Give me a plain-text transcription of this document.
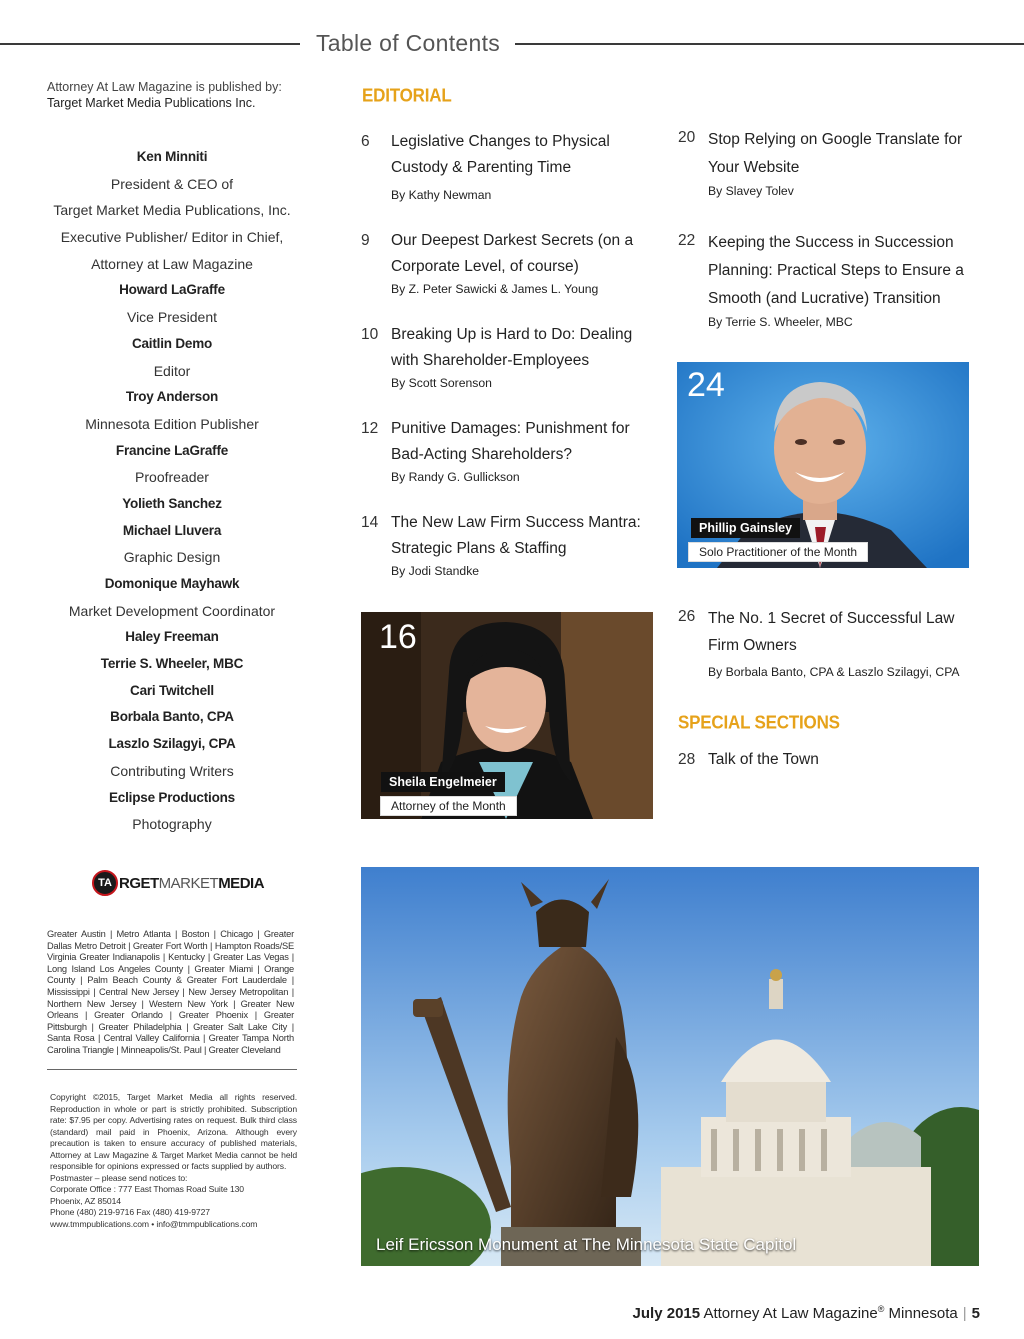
Table of Contents
Attorney At Law Magazine is published by:
Target Market Media Publications Inc.
Ken Minniti
President & CEO of
Target Market Media Publications, Inc.
Executive Publisher/ Editor in Chief,
Attorney at Law Magazine
Howard LaGraffe
Vice President
Caitlin Demo
Editor
Troy Anderson
Minnesota Edition Publisher
Francine LaGraffe
Proofreader
Yolieth Sanchez
Michael Lluvera
Graphic Design
Domonique Mayhawk
Market Development Coordinator
Haley Freeman
Terrie S. Wheeler, MBC
Cari Twitchell
Borbala Banto, CPA
Laszlo Szilagyi, CPA
Contributing Writers
Eclipse Productions
Photography
TA RGETMARKETMEDIA
Greater Austin | Metro Atlanta | Boston | Chicago | Greater Dallas Metro Detroit | Greater Fort Worth | Hampton Roads/SE Virginia Greater Indianapolis | Kentucky | Greater Las Vegas | Long Island Los Angeles County | Greater Miami | Orange County | Palm Beach County & Greater Fort Lauderdale | Mississippi | Central New Jersey | New Jersey Metropolitan | Northern New Jersey | Western New York | Greater New Orleans | Greater Orlando | Greater Phoenix | Greater Pittsburgh | Greater Philadelphia | Greater Salt Lake City | Santa Rosa | Central Valley California | Greater Tampa North Carolina Triangle | Minneapolis/St. Paul | Greater Cleveland
Copyright ©2015, Target Market Media all rights reserved. Reproduction in whole or part is strictly prohibited. Subscription rate: $7.95 per copy. Advertising rates on request. Bulk third class (standard) mail paid in Phoenix, Arizona. Although every precaution is taken to ensure accuracy of published materials, Attorney at Law Magazine & Target Market Media cannot be held responsible for opinions expressed or facts supplied by authors.
Postmaster – please send notices to:
Corporate Office : 777 East Thomas Road Suite 130
Phoenix, AZ 85014
Phone (480) 219-9716 Fax (480) 419-9727
www.tmmpublications.com • info@tmmpublications.com
EDITORIAL
6 Legislative Changes to Physical
Custody & Parenting Time
By Kathy Newman
9 Our Deepest Darkest Secrets (on a
Corporate Level, of course)
By Z. Peter Sawicki & James L. Young
10 Breaking Up is Hard to Do: Dealing
with Shareholder-Employees
By Scott Sorenson
12 Punitive Damages: Punishment for
Bad-Acting Shareholders?
By Randy G. Gullickson
14 The New Law Firm Success Mantra:
Strategic Plans & Staffing
By Jodi Standke
20 Stop Relying on Google Translate for
Your Website
By Slavey Tolev
22 Keeping the Success in Succession
Planning: Practical Steps to Ensure a
Smooth (and Lucrative) Transition
By Terrie S. Wheeler, MBC
24
Phillip Gainsley
Solo Practitioner of the Month
16
Sheila Engelmeier
Attorney of the Month
26 The No. 1 Secret of Successful Law
Firm Owners
By Borbala Banto, CPA & Laszlo Szilagyi, CPA
SPECIAL SECTIONS
28 Talk of the Town
Leif Ericsson Monument at The Minnesota State Capitol
July 2015 Attorney At Law Magazine® Minnesota | 5
